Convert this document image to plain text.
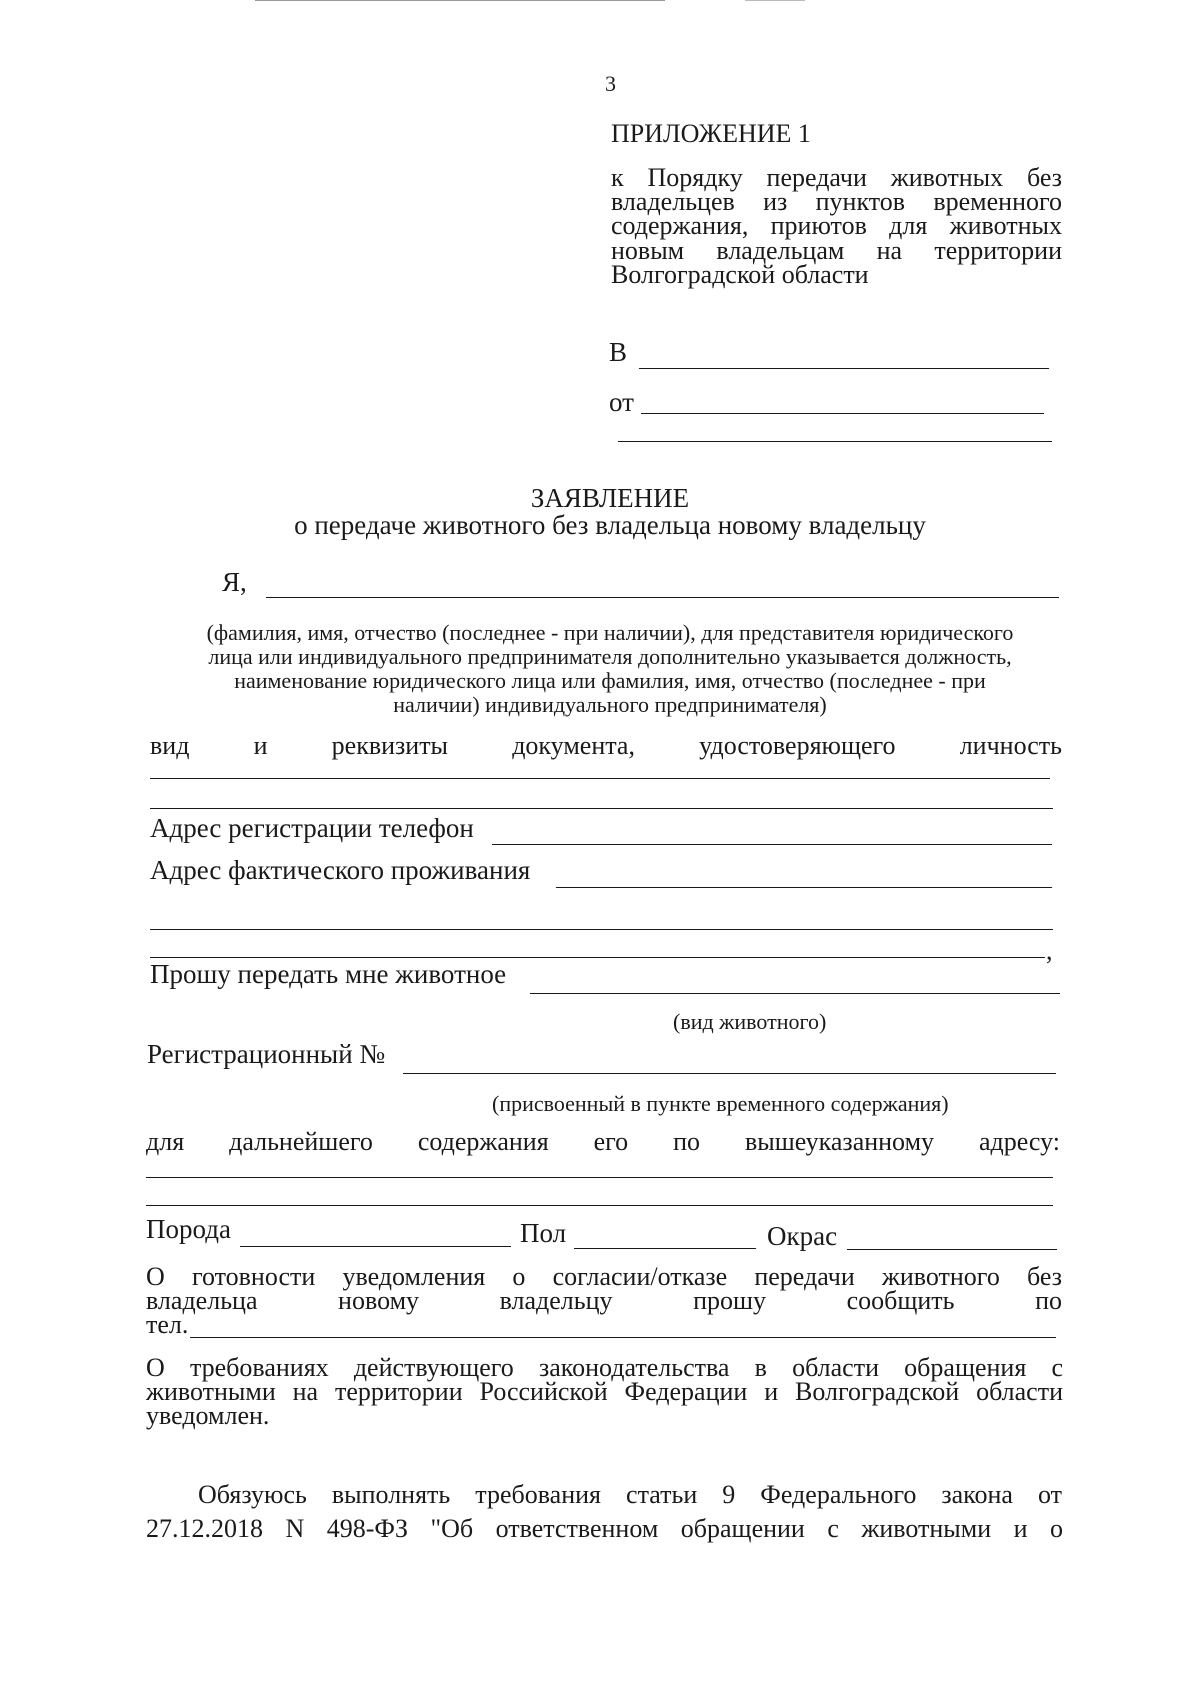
3
ПРИЛОЖЕНИЕ 1
к Порядку передачи животных без
владельцев из пунктов временного
содержания, приютов для животных
новым владельцам на территории
Волгоградской области
В
от
ЗАЯВЛЕНИЕ
о передаче животного без владельца новому владельцу
Я,
(фамилия, имя, отчество (последнее - при наличии), для представителя юридического
лица или индивидуального предпринимателя дополнительно указывается должность,
наименование юридического лица или фамилия, имя, отчество (последнее - при
наличии) индивидуального предпринимателя)
вид и реквизиты документа, удостоверяющего личность
Адрес регистрации телефон
Адрес фактического проживания
,
Прошу передать мне животное
(вид животного)
Регистрационный №
(присвоенный в пункте временного содержания)
для дальнейшего содержания его по вышеуказанному адресу:
Порода	Пол	Окрас
О готовности уведомления о согласии/отказе передачи животного без
владельца новому владельцу прошу сообщить по
тел.
О требованиях действующего законодательства в области обращения с
животными на территории Российской Федерации и Волгоградской области
уведомлен.
Обязуюсь выполнять требования статьи 9 Федерального закона от
27.12.2018 N 498-ФЗ "Об ответственном обращении с животными и о
